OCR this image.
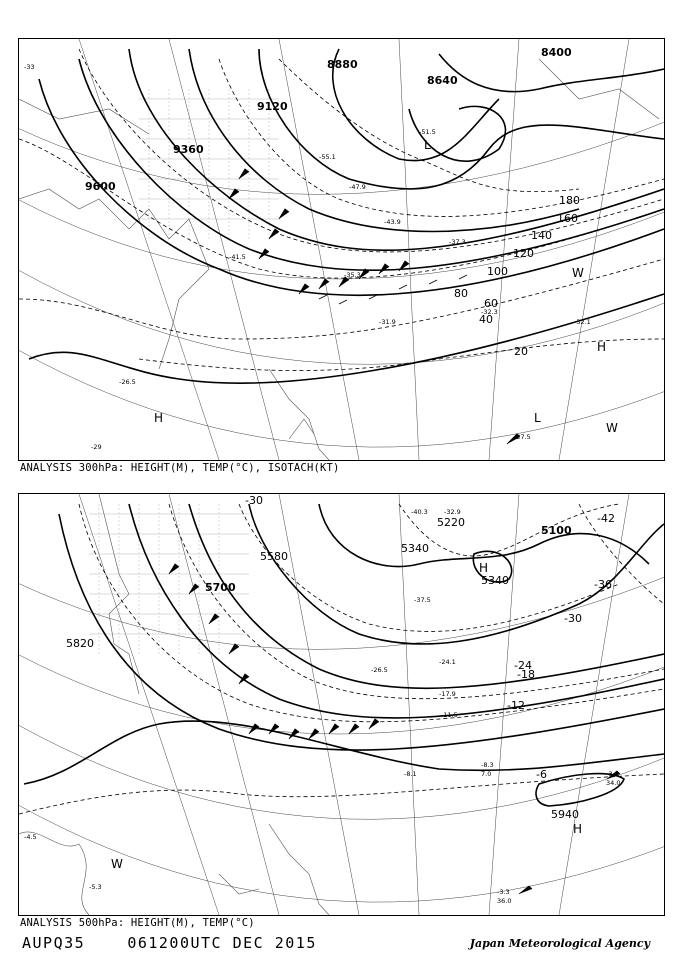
-27.5
-32.3
-32.1
-31.9
-33
-35.3
-37.3
-41.5
-43.9
-47.9
-51.5
-55.1
-29
-26.5
8400
8640
8880
9120
9360
9600
20
40
60
80
100
120
140
160
180
H
H	L
L
W
W
ANALYSIS 300hPa: HEIGHT(M), TEMP(°C), ISOTACH(KT)
-3.3
36.0
-3.9
34.0
-8.3
7.0
-8.1
-11.5
-17.9
-24.1
-26.5
-32.9
-37.5
-40.3
-4.5
-5.3
5220
5340
5340
5580
5700
5820
5940
5100
-6
-12
-18
-24
-30
-36
-42
-30
H
H
W
ANALYSIS 500hPa: HEIGHT(M), TEMP(°C)
AUPQ35	061200UTC DEC 2015	Japan Meteorological Agency
